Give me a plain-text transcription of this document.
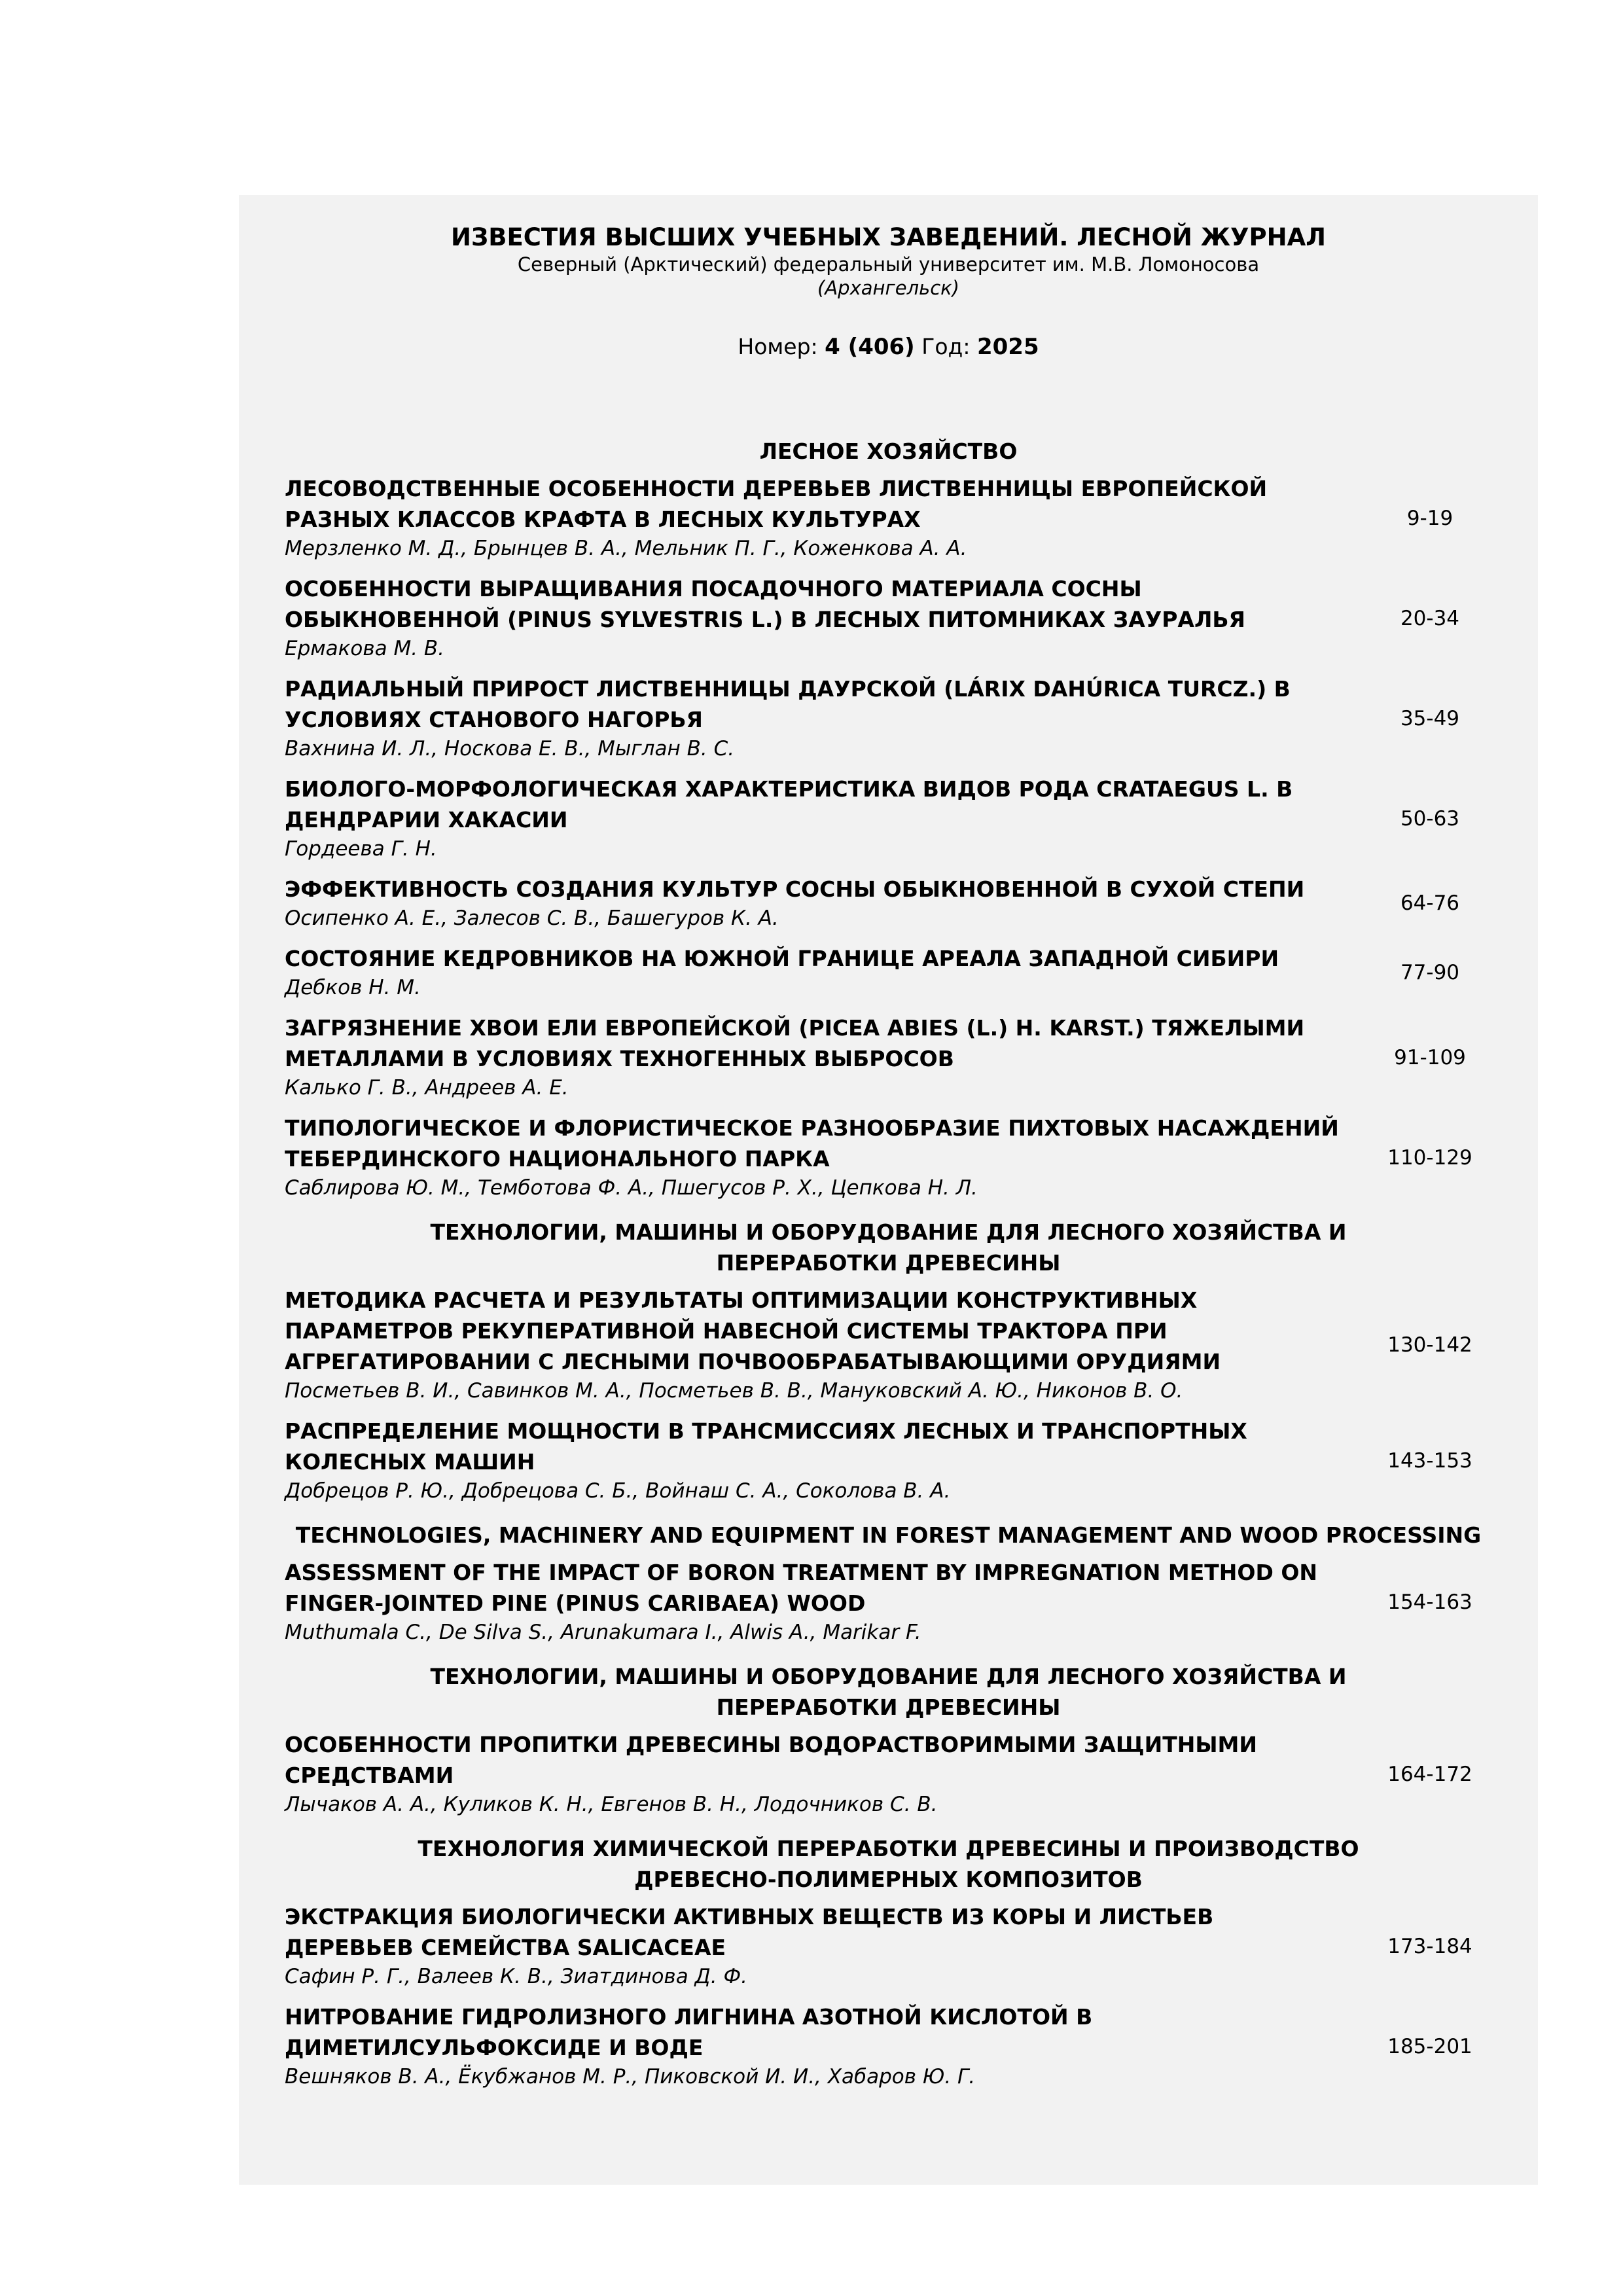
ИЗВЕСТИЯ ВЫСШИХ УЧЕБНЫХ ЗАВЕДЕНИЙ. ЛЕСНОЙ ЖУРНАЛ
Северный (Арктический) федеральный университет им. М.В. Ломоносова
(Архангельск)
Номер: 4 (406) Год: 2025
ЛЕСНОЕ ХОЗЯЙСТВО
ЛЕСОВОДСТВЕННЫЕ ОСОБЕННОСТИ ДЕРЕВЬЕВ ЛИСТВЕННИЦЫ ЕВРОПЕЙСКОЙ РАЗНЫХ КЛАССОВ КРАФТА В ЛЕСНЫХ КУЛЬТУРАХ
Мерзленко М. Д., Брынцев В. А., Мельник П. Г., Коженкова А. А.
9-19
ОСОБЕННОСТИ ВЫРАЩИВАНИЯ ПОСАДОЧНОГО МАТЕРИАЛА СОСНЫ ОБЫКНОВЕННОЙ (PINUS SYLVESTRIS L.) В ЛЕСНЫХ ПИТОМНИКАХ ЗАУРАЛЬЯ
Ермакова М. В.
20-34
РАДИАЛЬНЫЙ ПРИРОСТ ЛИСТВЕННИЦЫ ДАУРСКОЙ (LÁRIX DAHÚRICA TURCZ.) В УСЛОВИЯХ СТАНОВОГО НАГОРЬЯ
Вахнина И. Л., Носкова Е. В., Мыглан В. С.
35-49
БИОЛОГО-МОРФОЛОГИЧЕСКАЯ ХАРАКТЕРИСТИКА ВИДОВ РОДА CRATAEGUS L. В ДЕНДРАРИИ ХАКАСИИ
Гордеева Г. Н.
50-63
ЭФФЕКТИВНОСТЬ СОЗДАНИЯ КУЛЬТУР СОСНЫ ОБЫКНОВЕННОЙ В СУХОЙ СТЕПИ
Осипенко А. Е., Залесов С. В., Башегуров К. А.
64-76
СОСТОЯНИЕ КЕДРОВНИКОВ НА ЮЖНОЙ ГРАНИЦЕ АРЕАЛА ЗАПАДНОЙ СИБИРИ
Дебков Н. М.
77-90
ЗАГРЯЗНЕНИЕ ХВОИ ЕЛИ ЕВРОПЕЙСКОЙ (PICEA ABIES (L.) H. KARST.) ТЯЖЕЛЫМИ МЕТАЛЛАМИ В УСЛОВИЯХ ТЕХНОГЕННЫХ ВЫБРОСОВ
Калько Г. В., Андреев А. Е.
91-109
ТИПОЛОГИЧЕСКОЕ И ФЛОРИСТИЧЕСКОЕ РАЗНООБРАЗИЕ ПИХТОВЫХ НАСАЖДЕНИЙ ТЕБЕРДИНСКОГО НАЦИОНАЛЬНОГО ПАРКА
Саблирова Ю. М., Темботова Ф. А., Пшегусов Р. Х., Цепкова Н. Л.
110-129
ТЕХНОЛОГИИ, МАШИНЫ И ОБОРУДОВАНИЕ ДЛЯ ЛЕСНОГО ХОЗЯЙСТВА И ПЕРЕРАБОТКИ ДРЕВЕСИНЫ
МЕТОДИКА РАСЧЕТА И РЕЗУЛЬТАТЫ ОПТИМИЗАЦИИ КОНСТРУКТИВНЫХ ПАРАМЕТРОВ РЕКУПЕРАТИВНОЙ НАВЕСНОЙ СИСТЕМЫ ТРАКТОРА ПРИ АГРЕГАТИРОВАНИИ С ЛЕСНЫМИ ПОЧВООБРАБАТЫВАЮЩИМИ ОРУДИЯМИ
Посметьев В. И., Савинков М. А., Посметьев В. В., Мануковский А. Ю., Никонов В. О.
130-142
РАСПРЕДЕЛЕНИЕ МОЩНОСТИ В ТРАНСМИССИЯХ ЛЕСНЫХ И ТРАНСПОРТНЫХ КОЛЕСНЫХ МАШИН
Добрецов Р. Ю., Добрецова С. Б., Войнаш С. А., Соколова В. А.
143-153
TECHNOLOGIES, MACHINERY AND EQUIPMENT IN FOREST MANAGEMENT AND WOOD PROCESSING
ASSESSMENT OF THE IMPACT OF BORON TREATMENT BY IMPREGNATION METHOD ON FINGER-JOINTED PINE (PINUS CARIBAEA) WOOD
Muthumala C., De Silva S., Arunakumara I., Alwis A., Marikar F.
154-163
ТЕХНОЛОГИИ, МАШИНЫ И ОБОРУДОВАНИЕ ДЛЯ ЛЕСНОГО ХОЗЯЙСТВА И ПЕРЕРАБОТКИ ДРЕВЕСИНЫ
ОСОБЕННОСТИ ПРОПИТКИ ДРЕВЕСИНЫ ВОДОРАСТВОРИМЫМИ ЗАЩИТНЫМИ СРЕДСТВАМИ
Лычаков А. А., Куликов К. Н., Евгенов В. Н., Лодочников С. В.
164-172
ТЕХНОЛОГИЯ ХИМИЧЕСКОЙ ПЕРЕРАБОТКИ ДРЕВЕСИНЫ И ПРОИЗВОДСТВО ДРЕВЕСНО-ПОЛИМЕРНЫХ КОМПОЗИТОВ
ЭКСТРАКЦИЯ БИОЛОГИЧЕСКИ АКТИВНЫХ ВЕЩЕСТВ ИЗ КОРЫ И ЛИСТЬЕВ ДЕРЕВЬЕВ СЕМЕЙСТВА SALICACEAE
Сафин Р. Г., Валеев К. В., Зиатдинова Д. Ф.
173-184
НИТРОВАНИЕ ГИДРОЛИЗНОГО ЛИГНИНА АЗОТНОЙ КИСЛОТОЙ В ДИМЕТИЛСУЛЬФОКСИДЕ И ВОДЕ
Вешняков В. А., Ёкубжанов М. Р., Пиковской И. И., Хабаров Ю. Г.
185-201
